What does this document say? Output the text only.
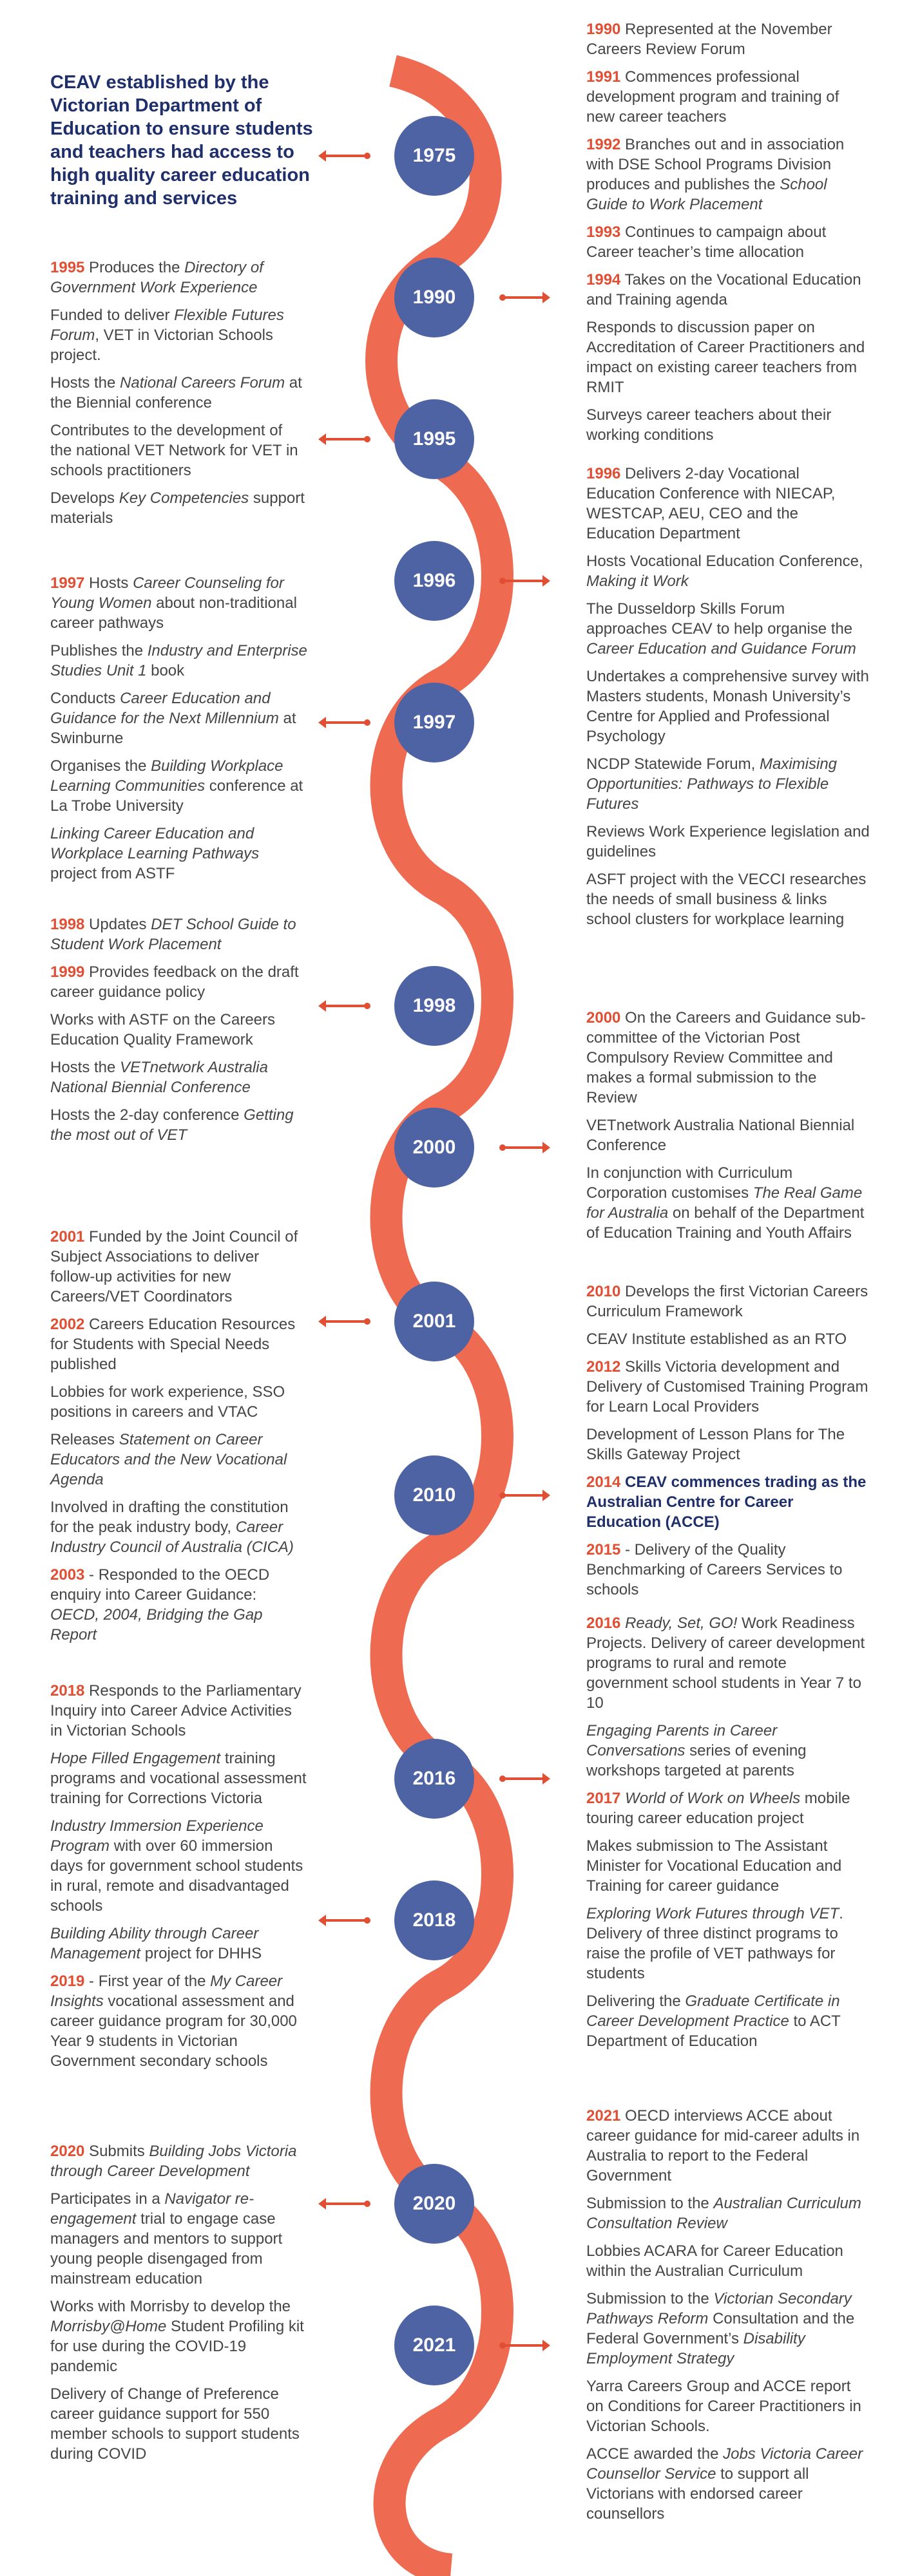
CEAV established by the Victorian Department of Education to ensure students and teachers had access to high quality career education training and services
1995 Produces the Directory of Government Work Experience
Funded to deliver Flexible Futures Forum, VET in Victorian Schools project.
Hosts the National Careers Forum at the Biennial conference
Contributes to the development of the national VET Network for VET in schools practitioners
Develops Key Competencies support materials
1997 Hosts Career Counseling for Young Women about non-traditional career pathways
Publishes the Industry and Enterprise Studies Unit 1 book
Conducts Career Education and Guidance for the Next Millennium at Swinburne
Organises the Building Workplace Learning Communities conference at La Trobe University
Linking Career Education and Workplace Learning Pathways project from ASTF
1998 Updates DET School Guide to Student Work Placement
1999 Provides feedback on the draft career guidance policy
Works with ASTF on the Careers Education Quality Framework
Hosts the VETnetwork Australia National Biennial Conference
Hosts the 2-day conference Getting the most out of VET
2001 Funded by the Joint Council of Subject Associations to deliver follow-up activities for new Careers/VET Coordinators
2002 Careers Education Resources for Students with Special Needs published
Lobbies for work experience, SSO positions in careers and VTAC
Releases Statement on Career Educators and the New Vocational Agenda
Involved in drafting the constitution for the peak industry body, Career Industry Council of Australia (CICA)
2003 - Responded to the OECD enquiry into Career Guidance: OECD, 2004, Bridging the Gap Report
2018 Responds to the Parliamentary Inquiry into Career Advice Activities in Victorian Schools
Hope Filled Engagement training programs and vocational assessment training for Corrections Victoria
Industry Immersion Experience Program with over 60 immersion days for government school students in rural, remote and disadvantaged schools
Building Ability through Career Management project for DHHS
2019 - First year of the My Career Insights vocational assessment and career guidance program for 30,000 Year 9 students in Victorian Government secondary schools
2020 Submits Building Jobs Victoria through Career Development
Participates in a Navigator re-engagement trial to engage case managers and mentors to support young people disengaged from mainstream education
Works with Morrisby to develop the Morrisby@Home Student Profiling kit for use during the COVID-19 pandemic
Delivery of Change of Preference career guidance support for 550 member schools to support students during COVID
1990 Represented at the November Careers Review Forum
1991 Commences professional development program and training of new career teachers
1992 Branches out and in association with DSE School Programs Division produces and publishes the School Guide to Work Placement
1993 Continues to campaign about Career teacher’s time allocation
1994 Takes on the Vocational Education and Training agenda
Responds to discussion paper on Accreditation of Career Practitioners and impact on existing career teachers from RMIT
Surveys career teachers about their working conditions
1996 Delivers 2-day Vocational Education Conference with NIECAP, WESTCAP, AEU, CEO and the Education Department
Hosts Vocational Education Conference, Making it Work
The Dusseldorp Skills Forum approaches CEAV to help organise the Career Education and Guidance Forum
Undertakes a comprehensive survey with Masters students, Monash University’s Centre for Applied and Professional Psychology
NCDP Statewide Forum, Maximising Opportunities: Pathways to Flexible Futures
Reviews Work Experience legislation and guidelines
ASFT project with the VECCI researches the needs of small business & links school clusters for workplace learning
2000 On the Careers and Guidance sub-committee of the Victorian Post Compulsory Review Committee and makes a formal submission to the Review
VETnetwork Australia National Biennial Conference
In conjunction with Curriculum Corporation customises The Real Game for Australia on behalf of the Department of Education Training and Youth Affairs
2010 Develops the first Victorian Careers Curriculum Framework
CEAV Institute established as an RTO
2012 Skills Victoria development and Delivery of Customised Training Program for Learn Local Providers
Development of Lesson Plans for The Skills Gateway Project
2014 CEAV commences trading as the Australian Centre for Career Education (ACCE)
2015 - Delivery of the Quality Benchmarking of Careers Services to schools
2016 Ready, Set, GO! Work Readiness Projects. Delivery of career development programs to rural and remote government school students in Year 7 to 10
Engaging Parents in Career Conversations series of evening workshops targeted at parents
2017 World of Work on Wheels mobile touring career education project
Makes submission to The Assistant Minister for Vocational Education and Training for career guidance
Exploring Work Futures through VET. Delivery of three distinct programs to raise the profile of VET pathways for students
Delivering the Graduate Certificate in Career Development Practice to ACT Department of Education
2021 OECD interviews ACCE about career guidance for mid-career adults in Australia to report to the Federal Government
Submission to the Australian Curriculum Consultation Review
Lobbies ACARA for Career Education within the Australian Curriculum
Submission to the Victorian Secondary Pathways Reform Consultation and the Federal Government’s Disability Employment Strategy
Yarra Careers Group and ACCE report on Conditions for Career Practitioners in Victorian Schools.
ACCE awarded the Jobs Victoria Career Counsellor Service to support all Victorians with endorsed career counsellors
1975
1990
1995
1996
1997
1998
2000
2001
2010
2016
2018
2020
2021
